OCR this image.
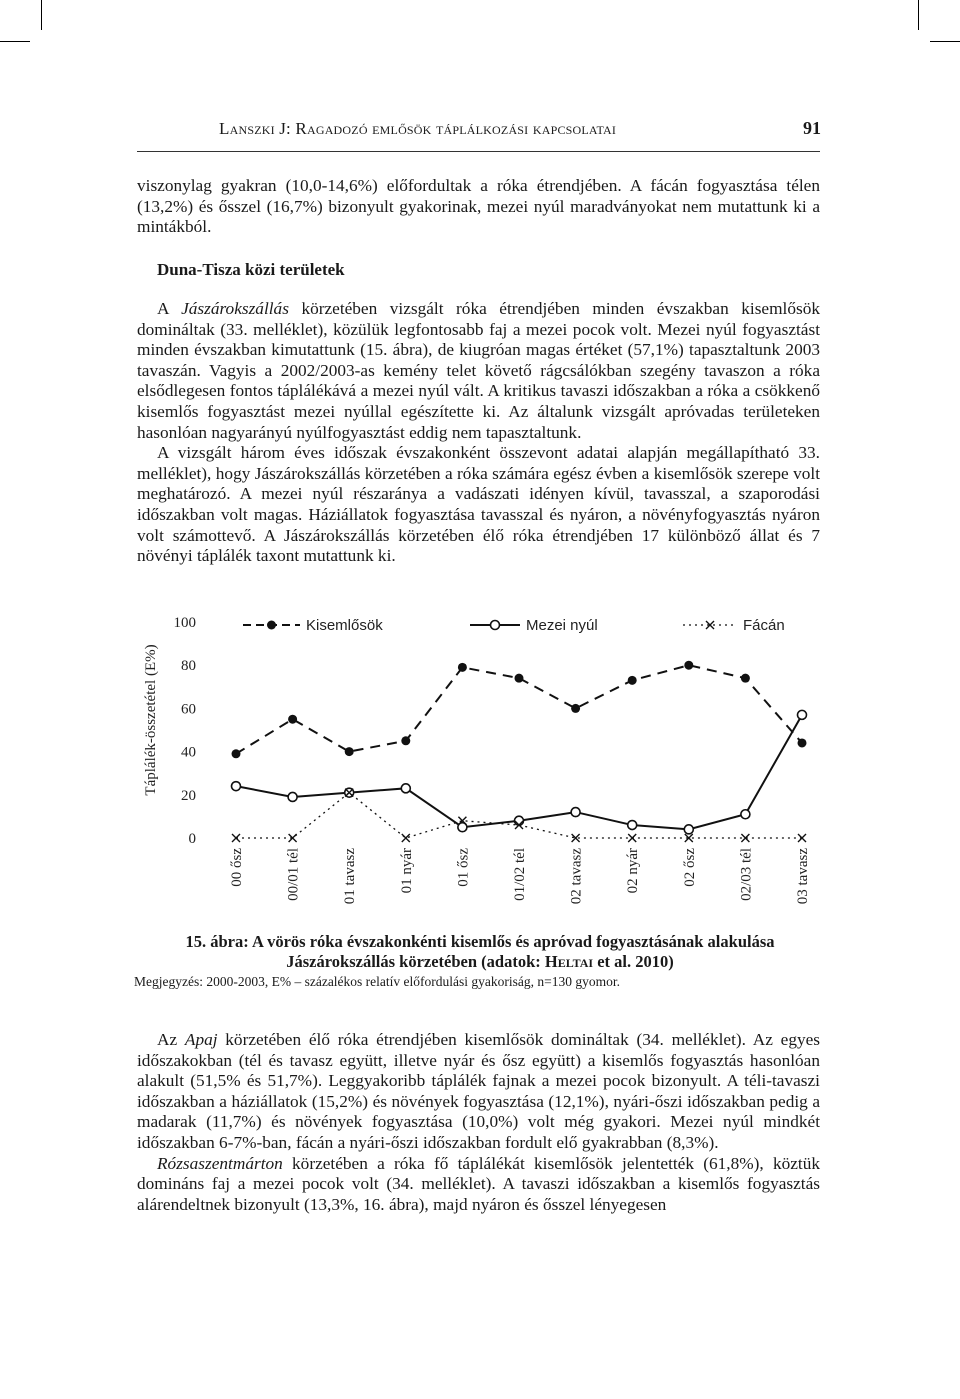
Lanszki J: Ragadozó emlősök táplálkozási kapcsolatai	91

viszonylag gyakran (10,0-14,6%) előfordultak a róka étrendjében. A fácán fogyasztása télen (13,2%) és ősszel (16,7%) bizonyult gyakorinak, mezei nyúl maradványokat nem mutattunk ki a mintákból.

Duna-Tisza közi területek

A Jászárokszállás körzetében vizsgált róka étrendjében minden évszakban kisemlősök domináltak (33. melléklet), közülük legfontosabb faj a mezei pocok volt. Mezei nyúl fogyasztást minden évszakban kimutattunk (15. ábra), de kiugróan magas értéket (57,1%) tapasztaltunk 2003 tavaszán. Vagyis a 2002/2003-as kemény telet követő rágcsálókban szegény tavaszon a róka elsődlegesen fontos táplálékává a mezei nyúl vált. A kritikus tavaszi időszakban a róka a csökkenő kisemlős fogyasztást mezei nyúllal egészítette ki. Az általunk vizsgált apróvadas területeken hasonlóan nagyarányú nyúlfogyasztást eddig nem tapasztaltunk.

A vizsgált három éves időszak évszakonként összevont adatai alapján megállapítható 33. melléklet), hogy Jászárokszállás körzetében a róka számára egész évben a kisemlősök szerepe volt meghatározó. A mezei nyúl részaránya a vadászati idényen kívül, tavasszal, a szaporodási időszakban volt magas. Háziállatok fogyasztása tavasszal és nyáron, a növényfogyasztás nyáron volt számottevő. A Jászárokszállás körzetében élő róka étrendjében 17 különböző állat és 7 növényi táplálék taxont mutattunk ki.

0
20
40
60
80
100
Táplálék-összetétel (E%)
00 ősz	00/01 tél	01 tavasz	01 nyár	01 ősz	01/02 tél	02 tavasz	02 nyár	02 ősz	02/03 tél	03 tavasz
Kisemlősök	Mezei nyúl	Fácán
15. ábra: A vörös róka évszakonkénti kisemlős és apróvad fogyasztásának alakulása
Jászárokszállás körzetében (adatok: Heltai et al. 2010)
Megjegyzés: 2000-2003, E% – százalékos relatív előfordulási gyakoriság, n=130 gyomor.

Az Apaj körzetében élő róka étrendjében kisemlősök domináltak (34. melléklet). Az egyes időszakokban (tél és tavasz együtt, illetve nyár és ősz együtt) a kisemlős fogyasztás hasonlóan alakult (51,5% és 51,7%). Leggyakoribb táplálék fajnak a mezei pocok bizonyult. A téli-tavaszi időszakban a háziállatok (15,2%) és növények fogyasztása (12,1%), nyári-őszi időszakban pedig a madarak (11,7%) és növények fogyasztása (10,0%) volt még gyakori. Mezei nyúl mindkét időszakban 6-7%-ban, fácán a nyári-őszi időszakban fordult elő gyakrabban (8,3%).

Rózsaszentmárton körzetében a róka fő táplálékát kisemlősök jelentették (61,8%), köztük domináns faj a mezei pocok volt (34. melléklet). A tavaszi időszakban a kisemlős fogyasztás alárendeltnek bizonyult (13,3%, 16. ábra), majd nyáron és ősszel lényegesen
